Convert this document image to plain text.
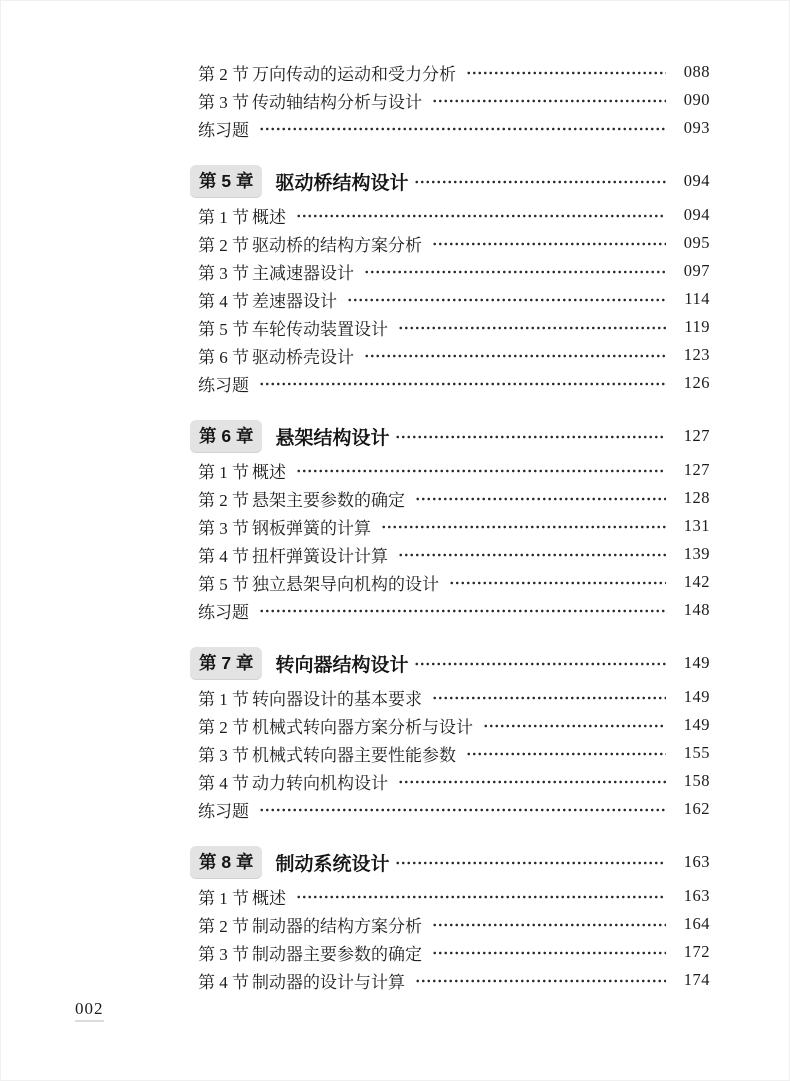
第 2 节 万向传动的运动和受力分析	088
第 3 节 传动轴结构分析与设计	090
练习题	093
第 5 章	驱动桥结构设计	094
第 1 节 概述	094
第 2 节 驱动桥的结构方案分析	095
第 3 节 主减速器设计	097
第 4 节 差速器设计	114
第 5 节 车轮传动装置设计	119
第 6 节 驱动桥壳设计	123
练习题	126
第 6 章	悬架结构设计	127
第 1 节 概述	127
第 2 节 悬架主要参数的确定	128
第 3 节 钢板弹簧的计算	131
第 4 节 扭杆弹簧设计计算	139
第 5 节 独立悬架导向机构的设计	142
练习题	148
第 7 章	转向器结构设计	149
第 1 节 转向器设计的基本要求	149
第 2 节 机械式转向器方案分析与设计	149
第 3 节 机械式转向器主要性能参数	155
第 4 节 动力转向机构设计	158
练习题	162
第 8 章	制动系统设计	163
第 1 节 概述	163
第 2 节 制动器的结构方案分析	164
第 3 节 制动器主要参数的确定	172
第 4 节 制动器的设计与计算	174
002
